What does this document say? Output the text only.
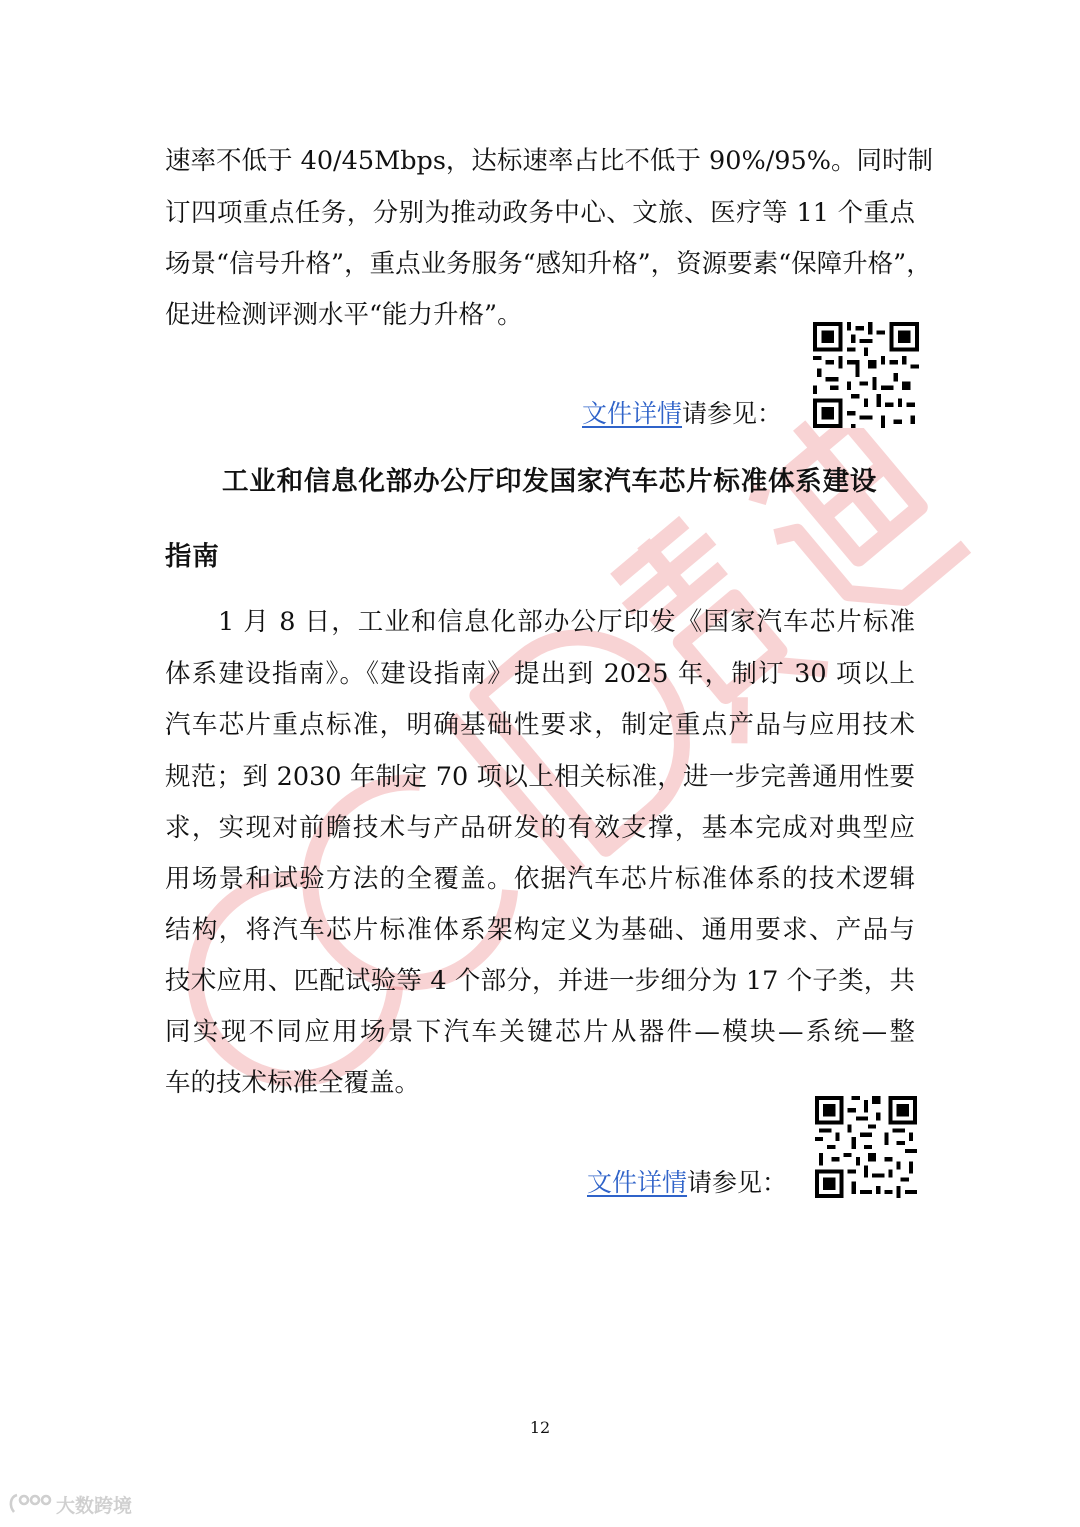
速率不低于 40/45Mbps，达标速率占比不低于 90%/95%。同时制
订四项重点任务，分别为推动政务中心、文旅、医疗等 11 个重点
场景“信号升格”，重点业务服务“感知升格”，资源要素“保障升格”，
促进检测评测水平“能力升格”。
文件详情请参见：
工业和信息化部办公厅印发国家汽车芯片标准体系建设
指南
1 月 8 日，工业和信息化部办公厅印发《国家汽车芯片标准
体系建设指南》。《建设指南》提出到 2025 年，制订 30 项以上
汽车芯片重点标准，明确基础性要求，制定重点产品与应用技术
规范；到 2030 年制定 70 项以上相关标准，进一步完善通用性要
求，实现对前瞻技术与产品研发的有效支撑，基本完成对典型应
用场景和试验方法的全覆盖。依据汽车芯片标准体系的技术逻辑
结构，将汽车芯片标准体系架构定义为基础、通用要求、产品与
技术应用、匹配试验等 4 个部分，并进一步细分为 17 个子类，共
同实现不同应用场景下汽车关键芯片从器件—模块—系统—整
车的技术标准全覆盖。
文件详情请参见：
12
大数跨境
